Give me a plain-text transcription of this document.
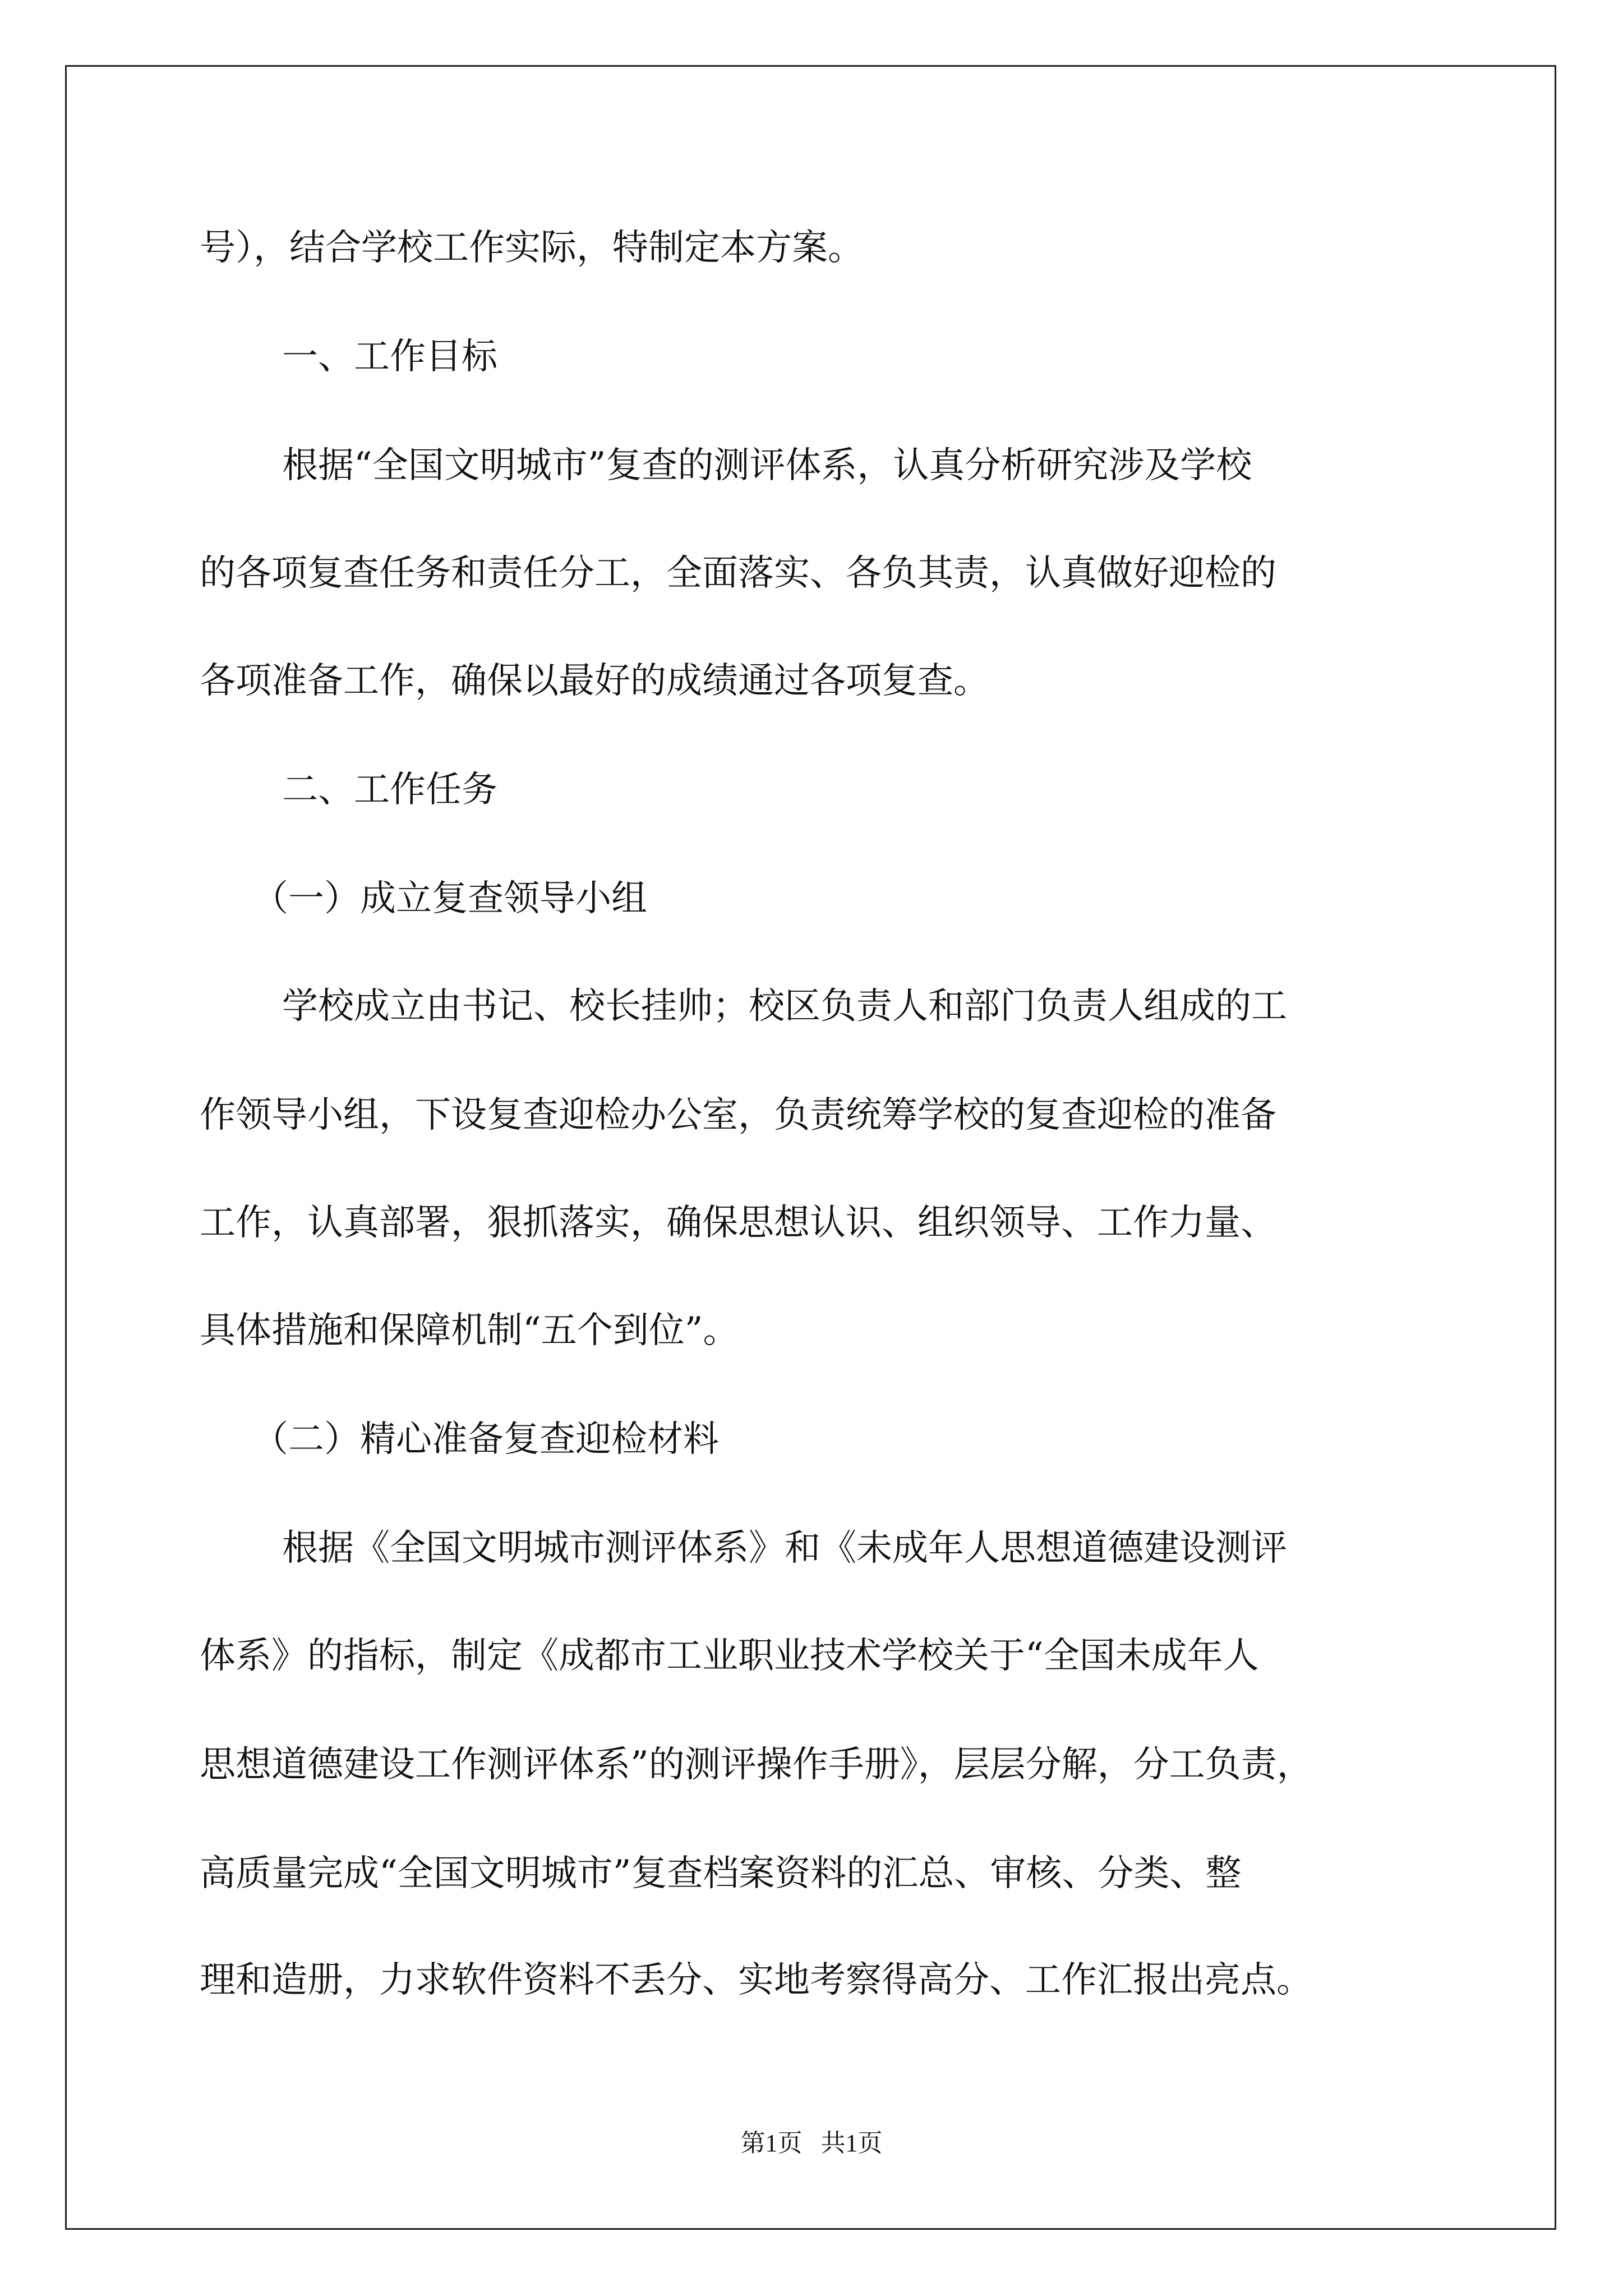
号），结合学校工作实际，特制定本方案。

一、工作目标

根据“全国文明城市”复查的测评体系，认真分析研究涉及学校

的各项复查任务和责任分工，全面落实、各负其责，认真做好迎检的

各项准备工作，确保以最好的成绩通过各项复查。

二、工作任务

（一）成立复查领导小组

学校成立由书记、校长挂帅；校区负责人和部门负责人组成的工

作领导小组，下设复查迎检办公室，负责统筹学校的复查迎检的准备

工作，认真部署，狠抓落实，确保思想认识、组织领导、工作力量、

具体措施和保障机制“五个到位”。

（二）精心准备复查迎检材料

根据《全国文明城市测评体系》和《未成年人思想道德建设测评

体系》的指标，制定《成都市工业职业技术学校关于“全国未成年人

思想道德建设工作测评体系”的测评操作手册》，层层分解，分工负责，

高质量完成“全国文明城市”复查档案资料的汇总、审核、分类、整

理和造册，力求软件资料不丢分、实地考察得高分、工作汇报出亮点。

第1页   共1页
